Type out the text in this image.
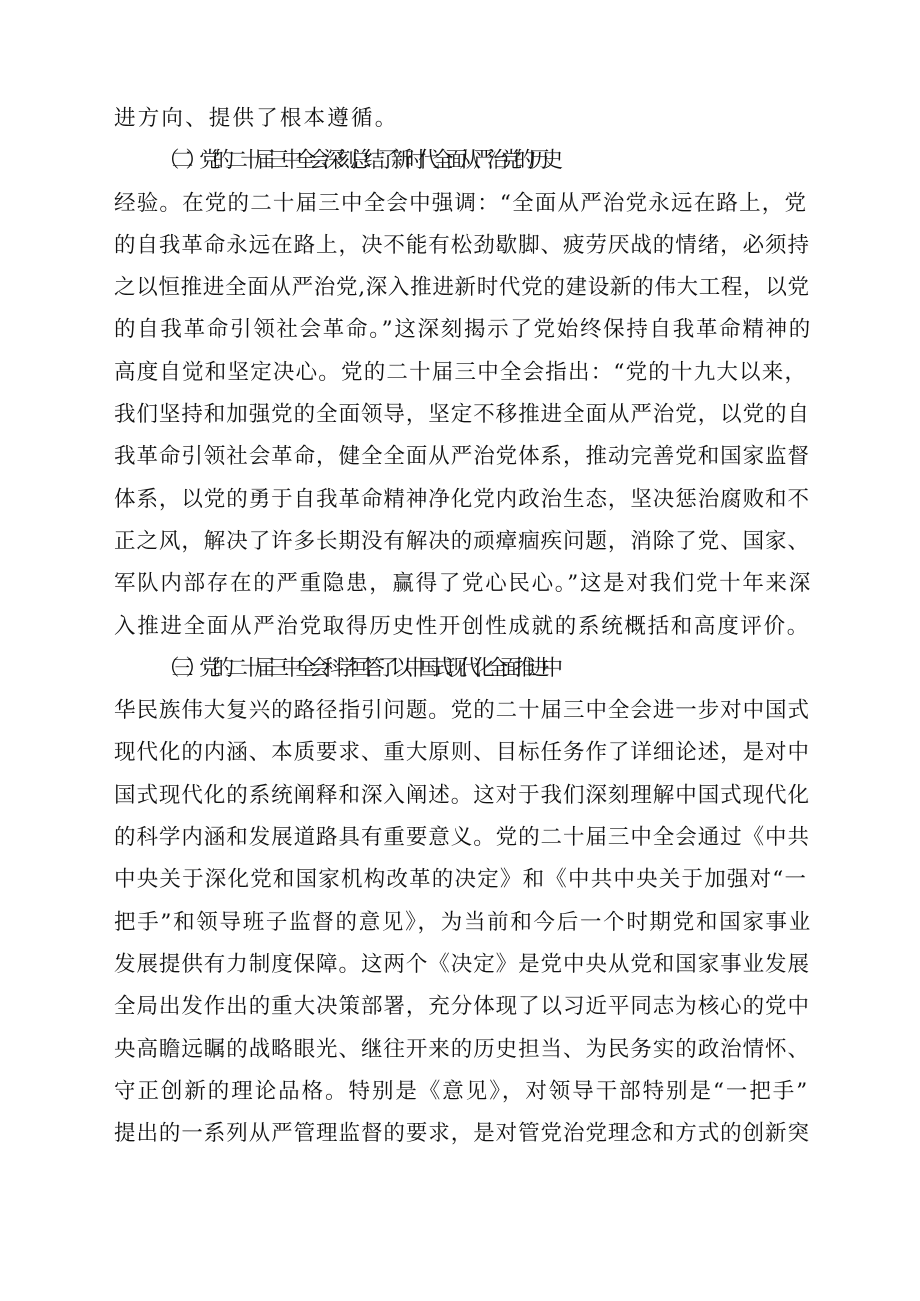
进方向、提供了根本遵循。
（二）党的二十届三中全会深刻总结了新时代全面从严治党的历史
经验。在党的二十届三中全会中强调：“全面从严治党永远在路上，党
的自我革命永远在路上，决不能有松劲歇脚、疲劳厌战的情绪，必须持
之以恒推进全面从严治党,深入推进新时代党的建设新的伟大工程，以党
的自我革命引领社会革命。”这深刻揭示了党始终保持自我革命精神的
高度自觉和坚定决心。党的二十届三中全会指出：“党的十九大以来，
我们坚持和加强党的全面领导，坚定不移推进全面从严治党，以党的自
我革命引领社会革命，健全全面从严治党体系，推动完善党和国家监督
体系，以党的勇于自我革命精神净化党内政治生态，坚决惩治腐败和不
正之风，解决了许多长期没有解决的顽瘴痼疾问题，消除了党、国家、
军队内部存在的严重隐患，赢得了党心民心。”这是对我们党十年来深
入推进全面从严治党取得历史性开创性成就的系统概括和高度评价。
（三）党的二十届三中全会科学回答了以中国式现代化全面推进中
华民族伟大复兴的路径指引问题。党的二十届三中全会进一步对中国式
现代化的内涵、本质要求、重大原则、目标任务作了详细论述，是对中
国式现代化的系统阐释和深入阐述。这对于我们深刻理解中国式现代化
的科学内涵和发展道路具有重要意义。党的二十届三中全会通过《中共
中央关于深化党和国家机构改革的决定》和《中共中央关于加强对“一
把手”和领导班子监督的意见》，为当前和今后一个时期党和国家事业
发展提供有力制度保障。这两个《决定》是党中央从党和国家事业发展
全局出发作出的重大决策部署，充分体现了以习近平同志为核心的党中
央高瞻远瞩的战略眼光、继往开来的历史担当、为民务实的政治情怀、
守正创新的理论品格。特别是《意见》，对领导干部特别是“一把手”
提出的一系列从严管理监督的要求，是对管党治党理念和方式的创新突
